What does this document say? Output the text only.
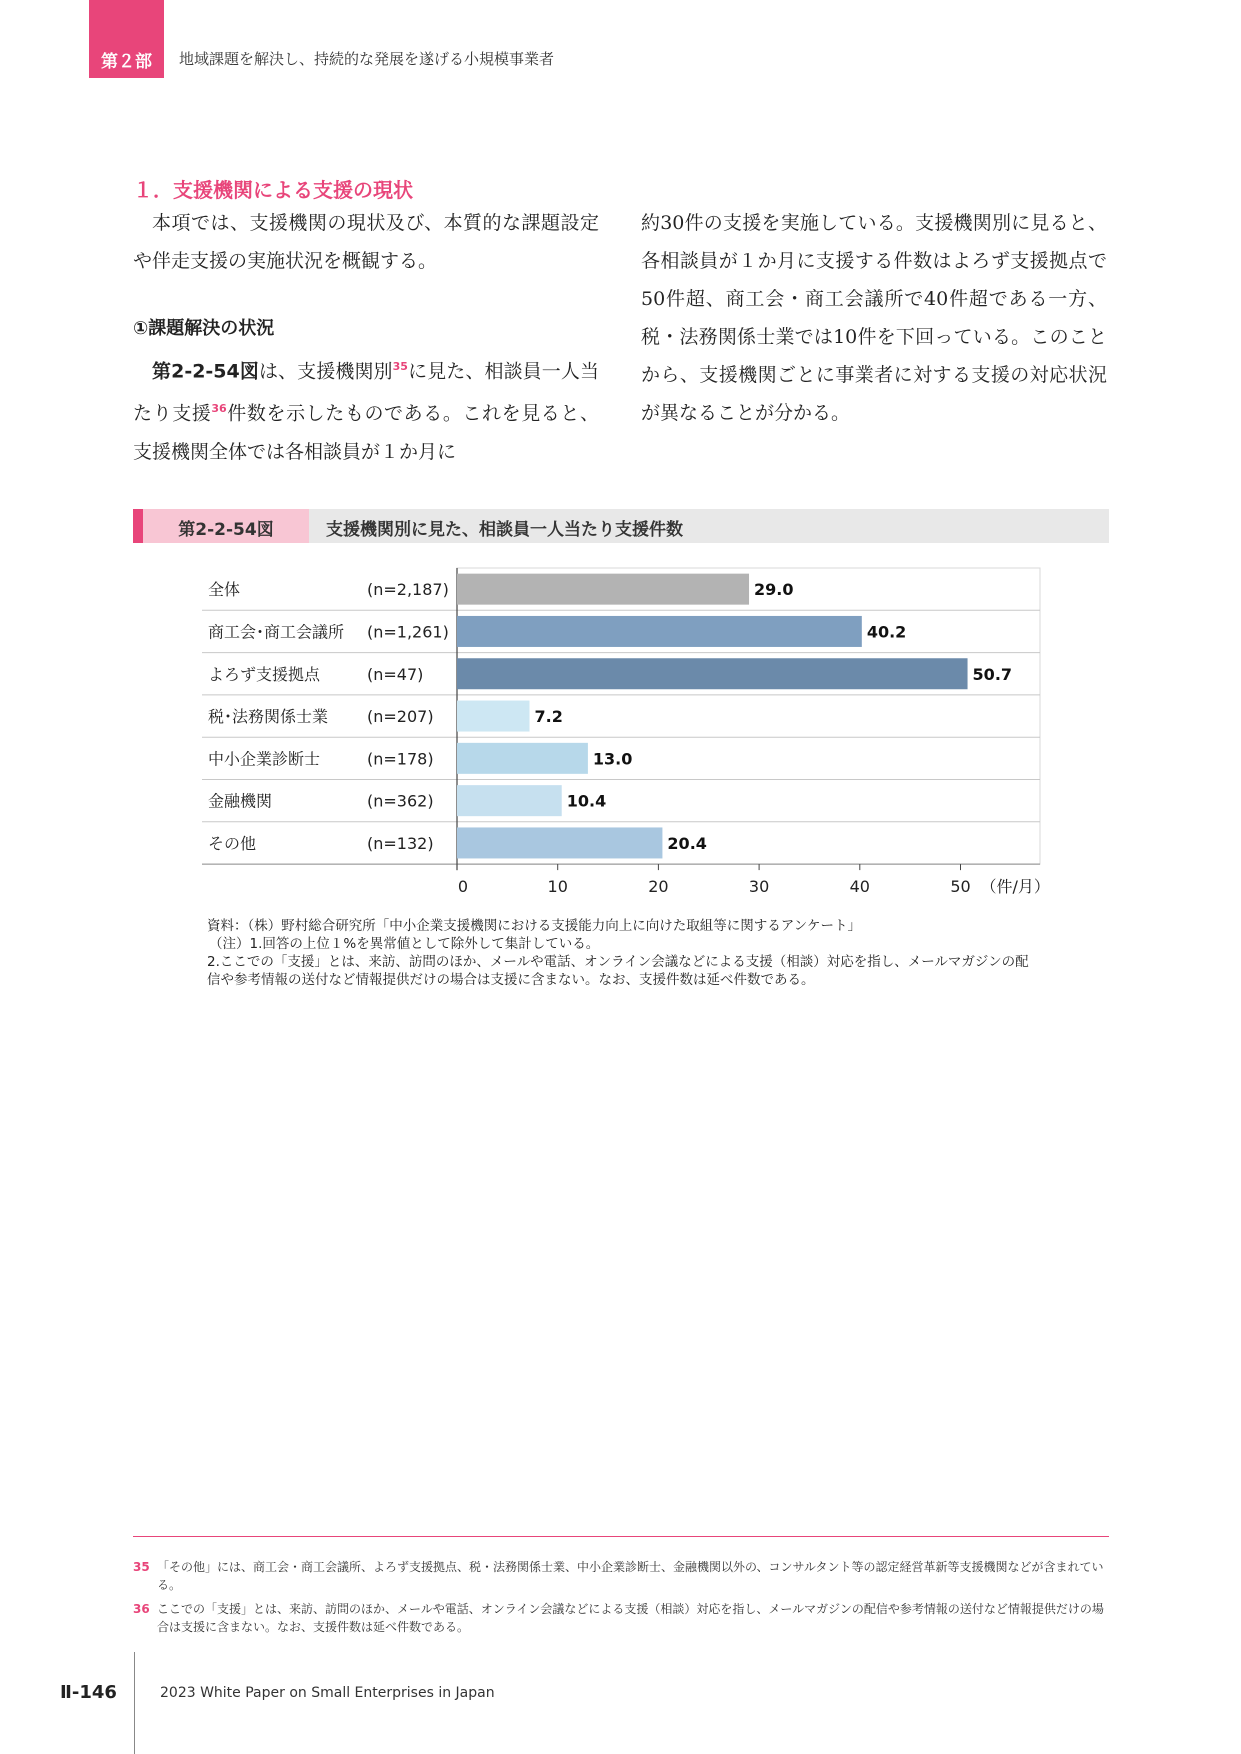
第２部	地域課題を解決し、持続的な発展を遂げる小規模事業者
１．支援機関による支援の現状

本項では、支援機関の現状及び、本質的な課題設定や伴走支援の実施状況を概観する。

①課題解決の状況

第2-2-54図は、支援機関別$^{35}$に見た、相談員一人当たり支援$^{36}$件数を示したものである。これを見ると、支援機関全体では各相談員が１か月に

約30件の支援を実施している。支援機関別に見ると、各相談員が１か月に支援する件数はよろず支援拠点で50件超、商工会・商工会議所で40件超である一方、税・法務関係士業では10件を下回っている。このことから、支援機関ごとに事業者に対する支援の対応状況が異なることが分かる。

第2-2-54図	支援機関別に見た、相談員一人当たり支援件数
全体	(n=2,187)	29.0
商工会･商工会議所 (n=1,261)	40.2
よろず支援拠点	(n=47)	50.7
税･法務関係士業 (n=207)	7.2
中小企業診断士	(n=178)	13.0
金融機関	(n=362)	10.4
その他	(n=132)	20.4
0	10	20	30	40	50 （件/月）
資料：（株）野村総合研究所「中小企業支援機関における支援能力向上に向けた取組等に関するアンケート」
（注）1.回答の上位１%を異常値として除外して集計している。
2.ここでの「支援」とは、来訪、訪問のほか、メールや電話、オンライン会議などによる支援（相談）対応を指し、メールマガジンの配信や参考情報の送付など情報提供だけの場合は支援に含まない。なお、支援件数は延べ件数である。
35 「その他」には、商工会・商工会議所、よろず支援拠点、税・法務関係士業、中小企業診断士、金融機関以外の、コンサルタント等の認定経営革新等支援機関などが含まれている。
36 ここでの「支援」とは、来訪、訪問のほか、メールや電話、オンライン会議などによる支援（相談）対応を指し、メールマガジンの配信や参考情報の送付など情報提供だけの場合は支援に含まない。なお、支援件数は延べ件数である。
Ⅱ-146	2023 White Paper on Small Enterprises in Japan
